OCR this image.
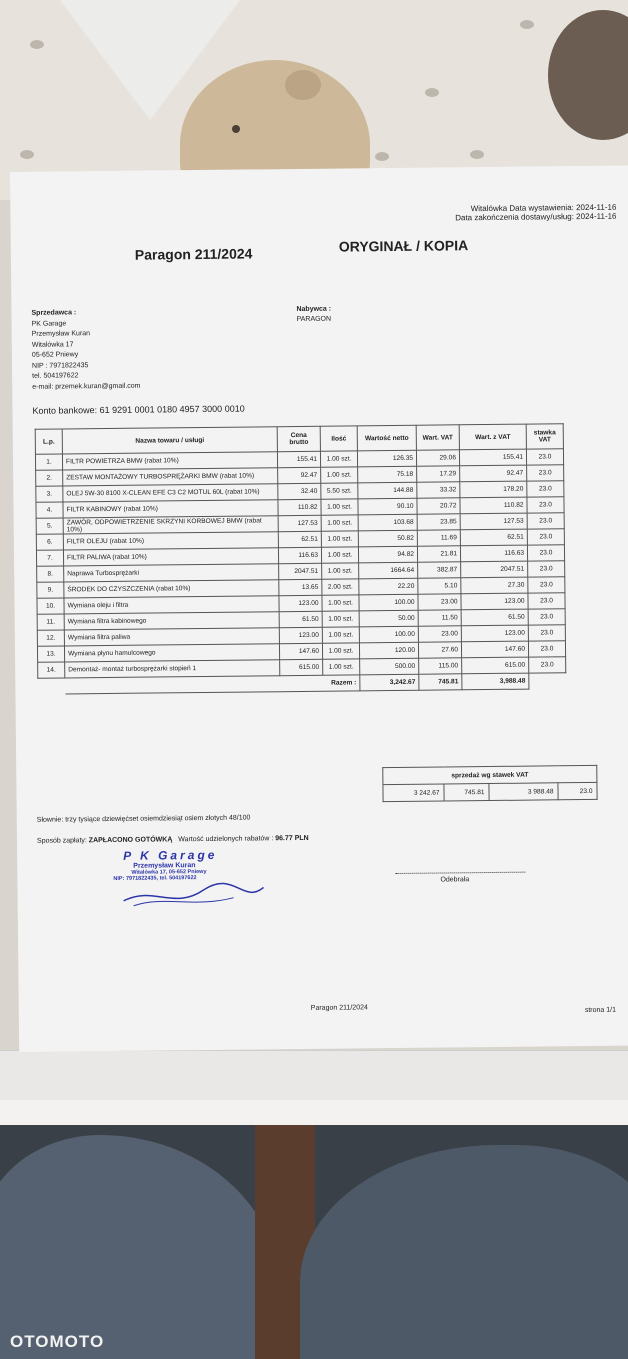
Witalówka Data wystawienia: 2024-11-16
Data zakończenia dostawy/usług: 2024-11-16
Paragon 211/2024	ORYGINAŁ / KOPIA
Sprzedawca :
PK Garage
Przemysław Kuran
Witalówka 17
05-652 Pniewy
NIP : 7971822435
tel. 504197622
e-mail: przemek.kuran@gmail.com
Nabywca :
PARAGON
Konto bankowe: 61 9291 0001 0180 4957 3000 0010
L.p.	Nazwa towaru / usługi	Cena brutto	Ilość	Wartość netto	Wart. VAT	Wart. z VAT	stawka VAT
1.	FILTR POWIETRZA BMW (rabat 10%)	155.41	1.00 szt.	126.35	29.06	155.41	23.0
2.	ZESTAW MONTAŻOWY TURBOSPRĘŻARKI BMW (rabat 10%)	92.47	1.00 szt.	75.18	17.29	92.47	23.0
3.	OLEJ 5W-30 8100 X-CLEAN EFE C3 C2 MOTUL 60L (rabat 10%)	32.40	5.50 szt.	144.88	33.32	178.20	23.0
4.	FILTR KABINOWY (rabat 10%)	110.82	1.00 szt.	90.10	20.72	110.82	23.0
5.	ZAWÓR, ODPOWIETRZENIE SKRZYNI KORBOWEJ BMW (rabat 10%)	127.53	1.00 szt.	103.68	23.85	127.53	23.0
6.	FILTR OLEJU (rabat 10%)	62.51	1.00 szt.	50.82	11.69	62.51	23.0
7.	FILTR PALIWA (rabat 10%)	116.63	1.00 szt.	94.82	21.81	116.63	23.0
8.	Naprawa Turbosprężarki	2047.51	1.00 szt.	1664.64	382.87	2047.51	23.0
9.	ŚRODEK DO CZYSZCZENIA (rabat 10%)	13.65	2.00 szt.	22.20	5.10	27.30	23.0
10.	Wymiana oleju i filtra	123.00	1.00 szt.	100.00	23.00	123.00	23.0
11.	Wymiana filtra kabinowego	61.50	1.00 szt.	50.00	11.50	61.50	23.0
12.	Wymiana filtra paliwa	123.00	1.00 szt.	100.00	23.00	123.00	23.0
13.	Wymiana płynu hamulcowego	147.60	1.00 szt.	120.00	27.60	147.60	23.0
14.	Demontaż- montaż turbosprężarki stopień 1	615.00	1.00 szt.	500.00	115.00	615.00	23.0
	Razem :			3,242.67	745.81	3,988.48	
sprzedaż wg stawek VAT
3 242.67	745.81	3 988.48	23.0
Słownie: trzy tysiące dziewięćset osiemdziesiąt osiem złotych 48/100
Sposób zapłaty: ZAPŁACONO GOTÓWKĄ Wartość udzielonych rabatów : 96.77 PLN
P K Garage
Przemysław Kuran
Witalówka 17, 05-652 Pniewy
NIP: 7971822435, tel. 504197622	Odebrała
Paragon 211/2024	strona 1/1
OTOMOTO
